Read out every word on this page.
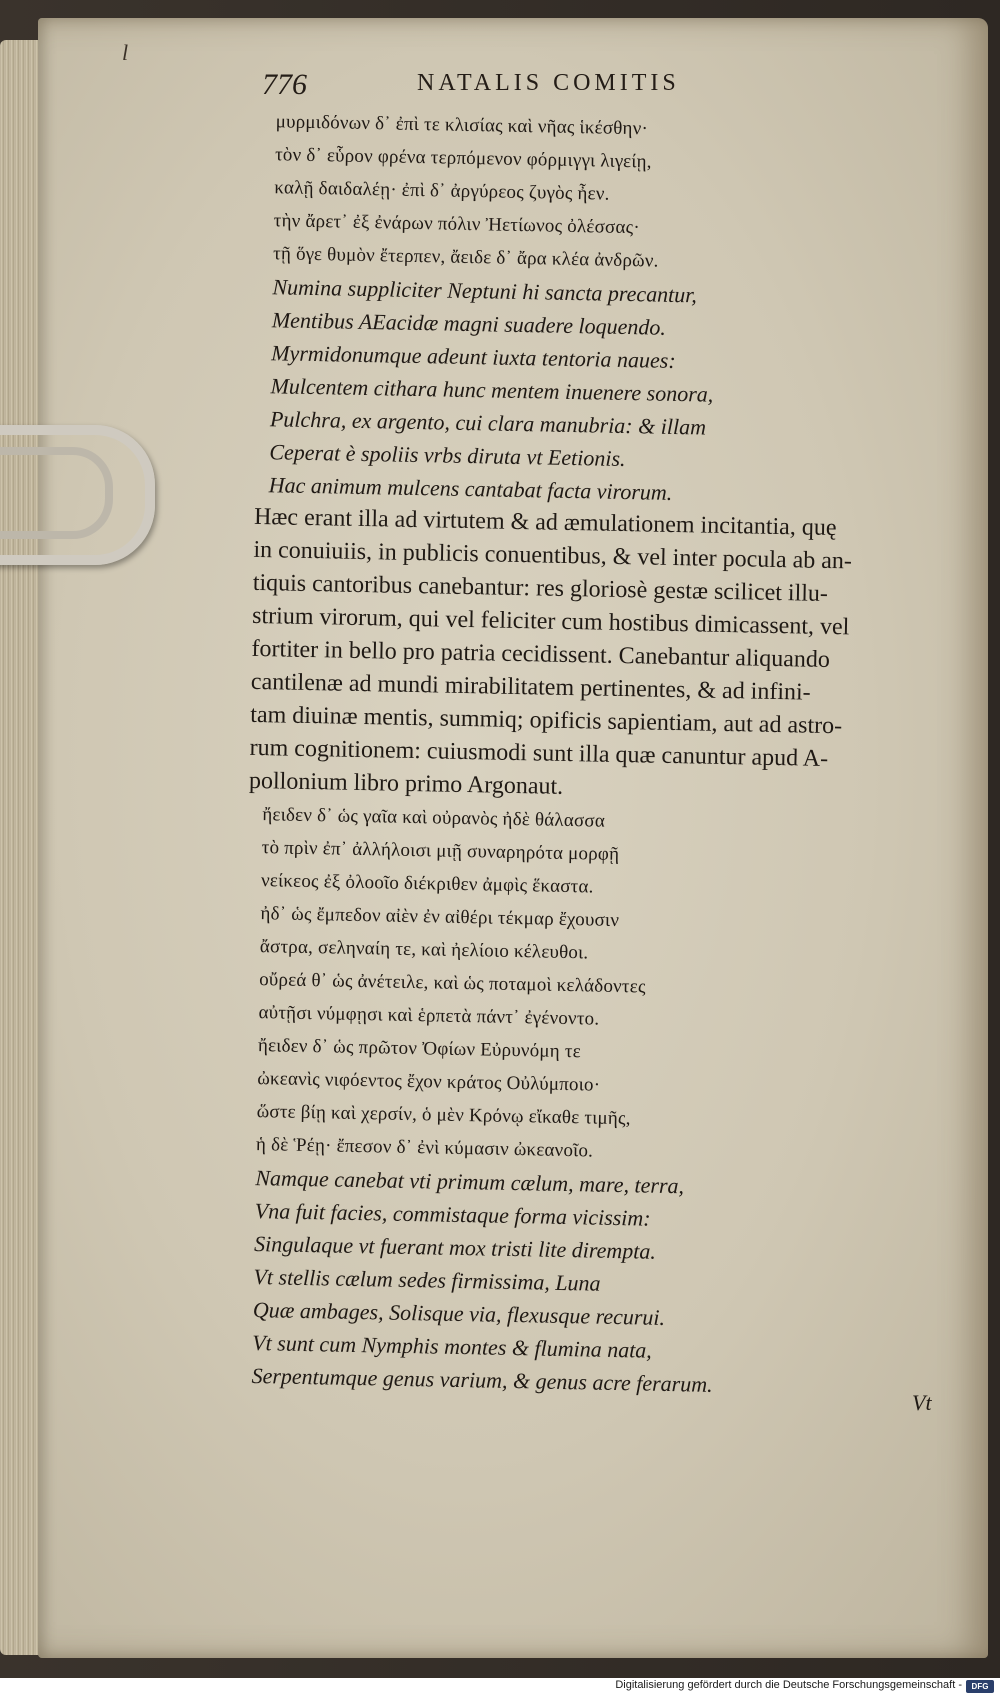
l
776	NATALIS COMITIS
μυρμιδόνων δ᾽ ἐπὶ τε κλισίας καὶ νῆας ἱκέσθην·
τὸν δ᾽ εὗρον φρένα τερπόμενον φόρμιγγι λιγείῃ,
καλῇ δαιδαλέῃ· ἐπὶ δ᾽ ἀργύρεος ζυγὸς ἦεν.
τὴν ἄρετ᾽ ἐξ ἐνάρων πόλιν Ἠετίωνος ὀλέσσας·
τῇ ὅγε θυμὸν ἔτερπεν, ἄειδε δ᾽ ἄρα κλέα ἀνδρῶν.
Numina suppliciter Neptuni hi sancta precantur,
Mentibus AEacidæ magni suadere loquendo.
Myrmidonumque adeunt iuxta tentoria naues:
Mulcentem cithara hunc mentem inuenere sonora,
Pulchra, ex argento, cui clara manubria: & illam
Ceperat è spoliis vrbs diruta vt Eetionis.
Hac animum mulcens cantabat facta virorum.
Hæc erant illa ad virtutem & ad æmulationem incitantia, quę
in conuiuiis, in publicis conuentibus, & vel inter pocula ab an-
tiquis cantoribus canebantur: res gloriosè gestæ scilicet illu-
strium virorum, qui vel feliciter cum hostibus dimicassent, vel
fortiter in bello pro patria cecidissent. Canebantur aliquando
cantilenæ ad mundi mirabilitatem pertinentes, & ad infini-
tam diuinæ mentis, summiq; opificis sapientiam, aut ad astro-
rum cognitionem: cuiusmodi sunt illa quæ canuntur apud A-
pollonium libro primo Argonaut.
ἤειδεν δ᾽ ὡς γαῖα καὶ οὐρανὸς ἠδὲ θάλασσα
τὸ πρὶν ἐπ᾽ ἀλλήλοισι μιῇ συναρηρότα μορφῇ
νείκεος ἐξ ὀλοοῖο διέκριθεν ἀμφὶς ἕκαστα.
ἠδ᾽ ὡς ἔμπεδον αἰὲν ἐν αἰθέρι τέκμαρ ἔχουσιν
ἄστρα, σεληναίη τε, καὶ ἠελίοιο κέλευθοι.
οὔρεά θ᾽ ὡς ἀνέτειλε, καὶ ὡς ποταμοὶ κελάδοντες
αὐτῇσι νύμφῃσι καὶ ἑρπετὰ πάντ᾽ ἐγένοντο.
ἤειδεν δ᾽ ὡς πρῶτον Ὀφίων Εὐρυνόμη τε
ὠκεανὶς νιφόεντος ἔχον κράτος Οὐλύμποιο·
ὥστε βίῃ καὶ χερσίν, ὁ μὲν Κρόνῳ εἴκαθε τιμῆς,
ἡ δὲ Ῥέῃ· ἔπεσον δ᾽ ἐνὶ κύμασιν ὠκεανοῖο.
Namque canebat vti primum cælum, mare, terra,
Vna fuit facies, commistaque forma vicissim:
Singulaque vt fuerant mox tristi lite dirempta.
Vt stellis cælum sedes firmissima, Luna
Quæ ambages, Solisque via, flexusque recurui.
Vt sunt cum Nymphis montes & flumina nata,
Serpentumque genus varium, & genus acre ferarum.
Vt
Digitalisierung gefördert durch die Deutsche Forschungsgemeinschaft -	DFG
